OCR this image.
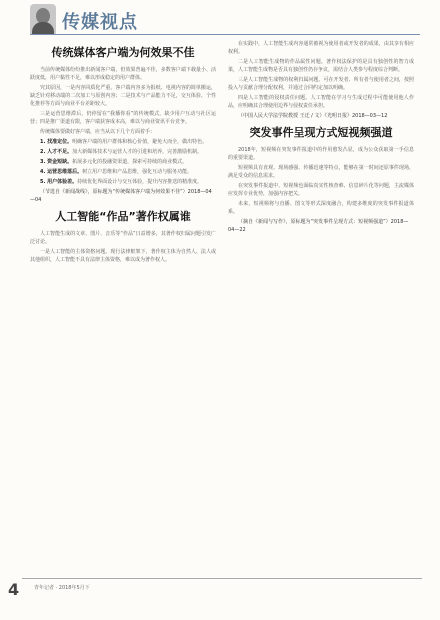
传媒视点
传统媒体客户端为何效果不佳

当前传统媒体纷纷推出新闻客户端，但效果普遍不佳，多数客户端下载量小、活跃度低，用户黏性不足，难以形成稳定的用户群体。

究其原因，一是内容同质化严重，客户端内容多为报纸、电视内容的简单搬运，缺乏针对移动端的二次加工与原创内容；二是技术与产品能力不足，交互体验、个性化推荐等方面与商业平台差距较大。

三是运营思维滞后，仍停留在“我播你看”的传统模式，缺少用户互动与社区运营；四是推广渠道有限，客户端获客成本高，难以与商业资讯平台竞争。

传统媒体要做好客户端，应当从以下几个方面着手：

1. 找准定位。明确客户端的用户群体和核心价值，避免大而全，做出特色。

2. 人才不足。加大新媒体技术与运营人才的引进和培养，完善激励机制。

3. 资金短缺。拓展多元化的投融资渠道，探索可持续的商业模式。

4. 运营思维落后。树立用户思维和产品思维，强化互动与服务功能。

5. 用户体验差。持续优化界面设计与交互体验，提升内容推送的精准度。

（节选自《新闻战线》，原标题为“传统媒体客户端为何效果不佳”）2018—04—04

人工智能“作品”著作权属谁

人工智能生成的文章、图片、音乐等“作品”日益增多，其著作权归属问题引发广泛讨论。

一是人工智能的主体资格问题。现行法律框架下，著作权主体为自然人、法人或其他组织，人工智能不具有法律主体资格，难以成为著作权人。

在实践中，人工智能生成内容通常被视为使用者或开发者的成果，由其享有相应权利。

二是人工智能生成物的作品属性问题。著作权法保护的是具有独创性的智力成果，人工智能生成物是否具有独创性仍存争议，需结合人类参与程度综合判断。

三是人工智能生成物的权利归属问题。可在开发者、所有者与使用者之间，按照投入与贡献合理分配权利，并通过合同约定加以明确。

四是人工智能的侵权责任问题。人工智能在学习与生成过程中可能使用他人作品，应明确其合理使用边界与侵权责任承担。

（中国人民大学法学院教授 王迁 / 文）《光明日报》2018—03—12

突发事件呈现方式短视频强道

2018年，短视频在突发事件报道中的作用愈发凸显，成为公众获取第一手信息的重要渠道。

短视频具有直观、现场感强、传播迅速等特点，能够在第一时间还原事件现场，满足受众的信息需求。

在突发事件报道中，短视频也面临真实性核查难、信息碎片化等问题，主流媒体应发挥专业优势，加强内容把关。

未来，短视频将与直播、图文等形式深度融合，构建多维度的突发事件报道体系。

（摘自《新闻与写作》，原标题为“突发事件呈现方式：短视频强道”）2018—04—22

4	青年记者 · 2018年5月下
